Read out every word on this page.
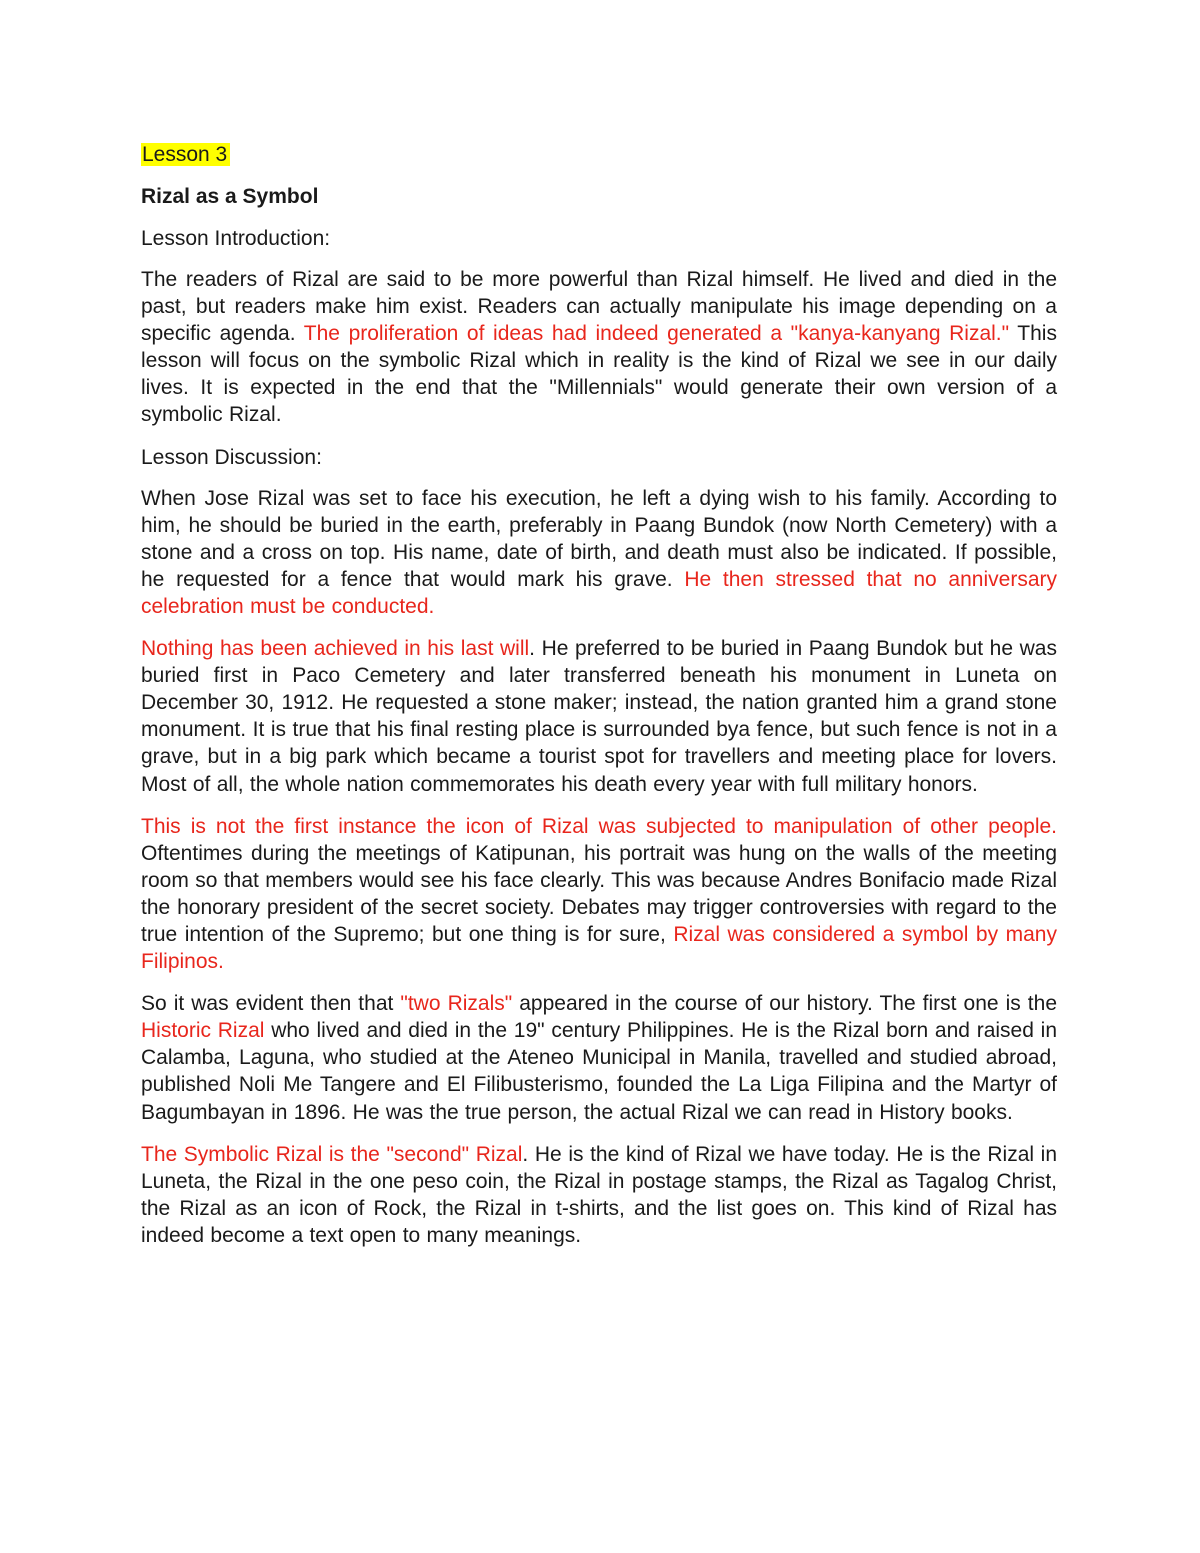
Lesson 3
Rizal as a Symbol
Lesson Introduction:

The readers of Rizal are said to be more powerful than Rizal himself. He lived and died in the past, but readers make him exist. Readers can actually manipulate his image depending on a specific agenda. The proliferation of ideas had indeed generated a "kanya-kanyang Rizal." This lesson will focus on the symbolic Rizal which in reality is the kind of Rizal we see in our daily lives. It is expected in the end that the "Millennials" would generate their own version of a symbolic Rizal.

Lesson Discussion:

When Jose Rizal was set to face his execution, he left a dying wish to his family. According to him, he should be buried in the earth, preferably in Paang Bundok (now North Cemetery) with a stone and a cross on top. His name, date of birth, and death must also be indicated. If possible, he requested for a fence that would mark his grave. He then stressed that no anniversary celebration must be conducted.

Nothing has been achieved in his last will. He preferred to be buried in Paang Bundok but he was buried first in Paco Cemetery and later transferred beneath his monument in Luneta on December 30, 1912. He requested a stone maker; instead, the nation granted him a grand stone monument. It is true that his final resting place is surrounded bya fence, but such fence is not in a grave, but in a big park which became a tourist spot for travellers and meeting place for lovers. Most of all, the whole nation commemorates his death every year with full military honors.

This is not the first instance the icon of Rizal was subjected to manipulation of other people. Oftentimes during the meetings of Katipunan, his portrait was hung on the walls of the meeting room so that members would see his face clearly. This was because Andres Bonifacio made Rizal the honorary president of the secret society. Debates may trigger controversies with regard to the true intention of the Supremo; but one thing is for sure, Rizal was considered a symbol by many Filipinos.

So it was evident then that "two Rizals" appeared in the course of our history. The first one is the Historic Rizal who lived and died in the 19" century Philippines. He is the Rizal born and raised in Calamba, Laguna, who studied at the Ateneo Municipal in Manila, travelled and studied abroad, published Noli Me Tangere and El Filibusterismo, founded the La Liga Filipina and the Martyr of Bagumbayan in 1896. He was the true person, the actual Rizal we can read in History books.

The Symbolic Rizal is the "second" Rizal. He is the kind of Rizal we have today. He is the Rizal in Luneta, the Rizal in the one peso coin, the Rizal in postage stamps, the Rizal as Tagalog Christ, the Rizal as an icon of Rock, the Rizal in t-shirts, and the list goes on. This kind of Rizal has indeed become a text open to many meanings.
